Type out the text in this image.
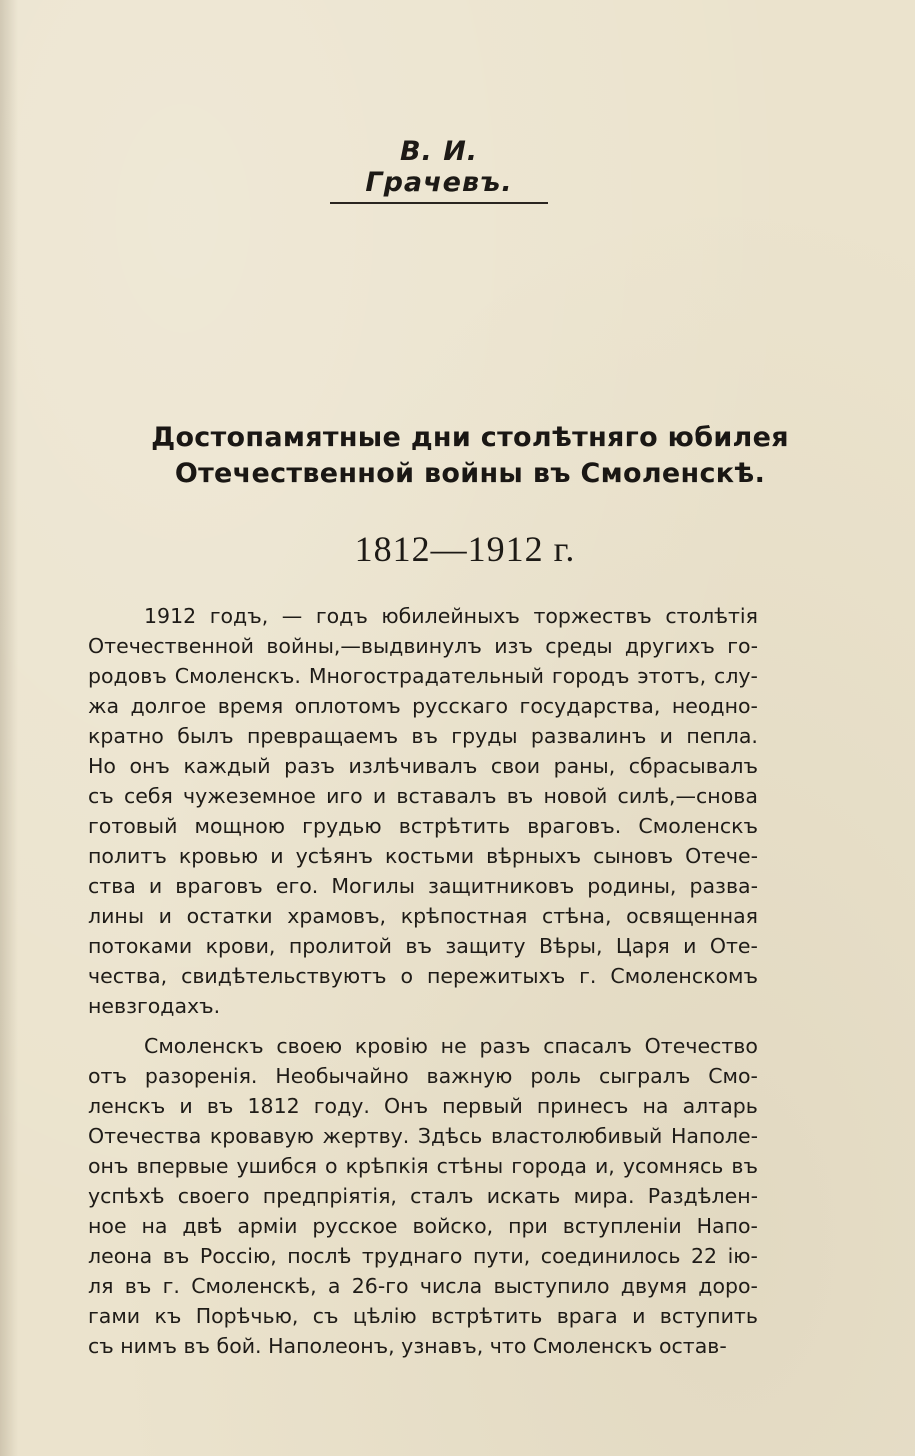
В. И. Грачевъ.
Достопамятные дни столѣтняго юбилея
Отечественной войны въ Смоленскѣ.
1812—1912 г.
1912 годъ, — годъ юбилейныхъ торжествъ столѣтія
Отечественной войны,—выдвинулъ изъ среды другихъ го-
родовъ Смоленскъ. Многострадательный городъ этотъ, слу-
жа долгое время оплотомъ русскаго государства, неодно-
кратно былъ превращаемъ въ груды развалинъ и пепла.
Но онъ каждый разъ излѣчивалъ свои раны, сбрасывалъ
съ себя чужеземное иго и вставалъ въ новой силѣ,—снова
готовый мощною грудью встрѣтить враговъ. Смоленскъ
политъ кровью и усѣянъ костьми вѣрныхъ сыновъ Отече-
ства и враговъ его. Могилы защитниковъ родины, разва-
лины и остатки храмовъ, крѣпостная стѣна, освященная
потоками крови, пролитой въ защиту Вѣры, Царя и Оте-
чества, свидѣтельствуютъ о пережитыхъ г. Смоленскомъ
невзгодахъ.
Смоленскъ своею кровію не разъ спасалъ Отечество
отъ разоренія. Необычайно важную роль сыгралъ Смо-
ленскъ и въ 1812 году. Онъ первый принесъ на алтарь
Отечества кровавую жертву. Здѣсь властолюбивый Наполе-
онъ впервые ушибся о крѣпкія стѣны города и, усомнясь въ
успѣхѣ своего предпріятія, сталъ искать мира. Раздѣлен-
ное на двѣ арміи русское войско, при вступленіи Напо-
леона въ Россію, послѣ труднаго пути, соединилось 22 ію-
ля въ г. Смоленскѣ, а 26-го числа выступило двумя доро-
гами къ Порѣчью, съ цѣлію встрѣтить врага и вступить
съ нимъ въ бой. Наполеонъ, узнавъ, что Смоленскъ остав-
